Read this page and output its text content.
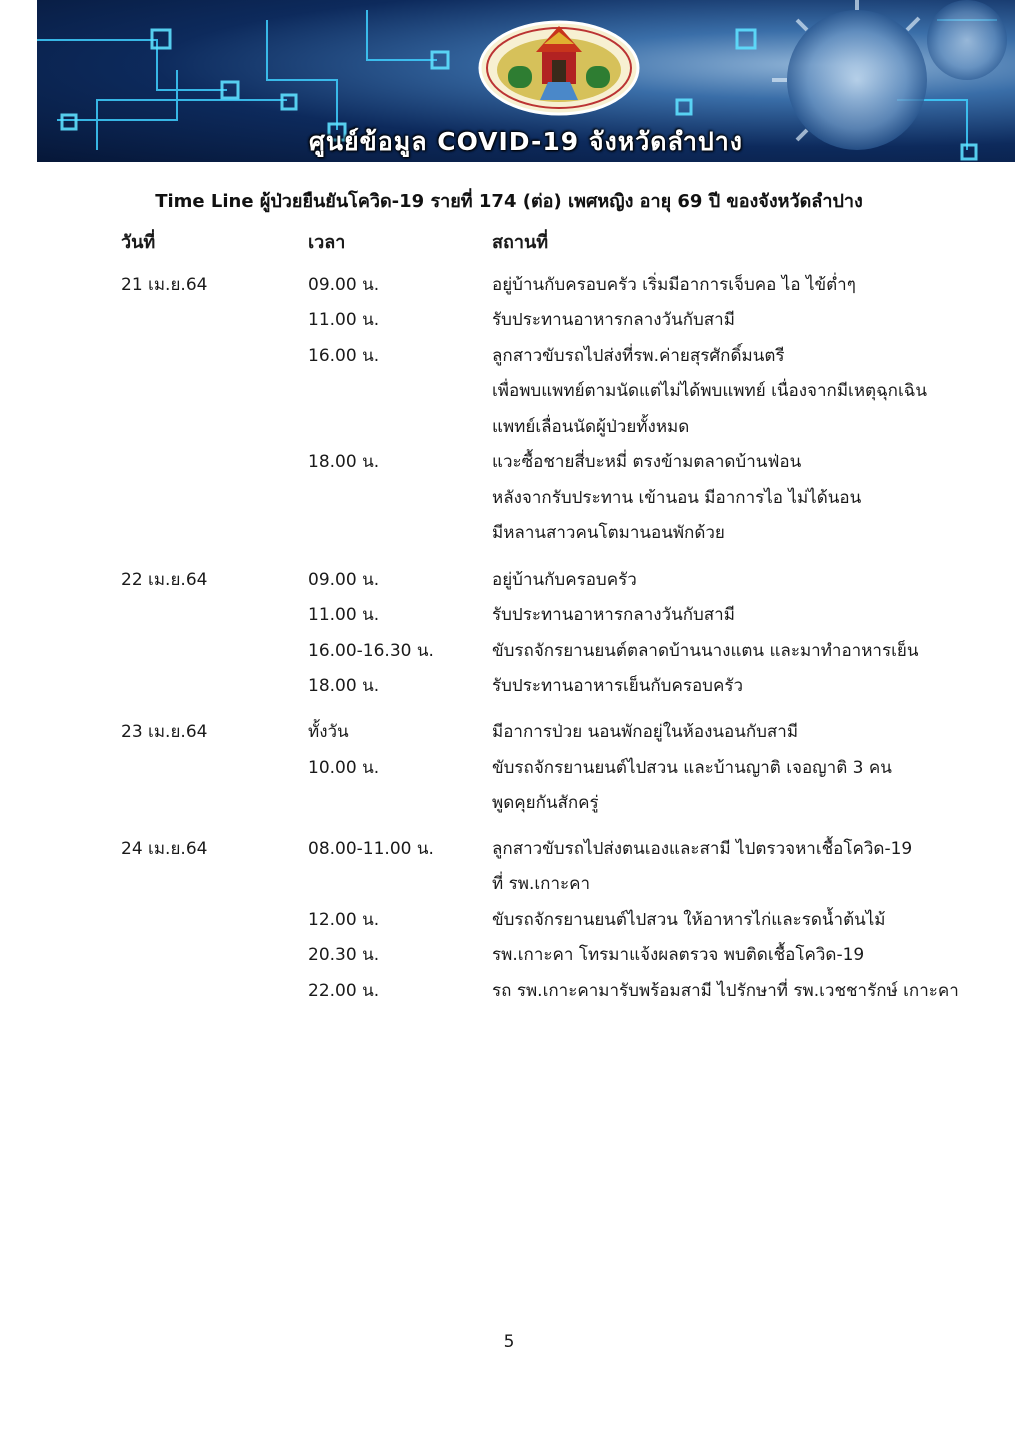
ศูนย์ข้อมูล COVID-19 จังหวัดลำปาง
Time Line ผู้ป่วยยืนยันโควิด-19 รายที่ 174 (ต่อ) เพศหญิง อายุ 69 ปี ของจังหวัดลำปาง
วันที่	เวลา	สถานที่
21 เม.ย.64	09.00 น.	อยู่บ้านกับครอบครัว เริ่มมีอาการเจ็บคอ ไอ ไข้ต่ำๆ
11.00 น.	รับประทานอาหารกลางวันกับสามี
16.00 น.	ลูกสาวขับรถไปส่งที่รพ.ค่ายสุรศักดิ์มนตรี
เพื่อพบแพทย์ตามนัดแต่ไม่ได้พบแพทย์ เนื่องจากมีเหตุฉุกเฉิน
แพทย์เลื่อนนัดผู้ป่วยทั้งหมด
18.00 น.	แวะซื้อชายสี่บะหมี่ ตรงข้ามตลาดบ้านฟ่อน
หลังจากรับประทาน เข้านอน มีอาการไอ ไม่ได้นอน
มีหลานสาวคนโตมานอนพักด้วย
22 เม.ย.64	09.00 น.	อยู่บ้านกับครอบครัว
11.00 น.	รับประทานอาหารกลางวันกับสามี
16.00-16.30 น.	ขับรถจักรยานยนต์ตลาดบ้านนางแตน และมาทำอาหารเย็น
18.00 น.	รับประทานอาหารเย็นกับครอบครัว
23 เม.ย.64	ทั้งวัน	มีอาการป่วย นอนพักอยู่ในห้องนอนกับสามี
10.00 น.	ขับรถจักรยานยนต์ไปสวน และบ้านญาติ เจอญาติ 3 คน
พูดคุยกันสักครู่
24 เม.ย.64	08.00-11.00 น.	ลูกสาวขับรถไปส่งตนเองและสามี ไปตรวจหาเชื้อโควิด-19
ที่ รพ.เกาะคา
12.00 น.	ขับรถจักรยานยนต์ไปสวน ให้อาหารไก่และรดน้ำต้นไม้
20.30 น.	รพ.เกาะคา โทรมาแจ้งผลตรวจ พบติดเชื้อโควิด-19
22.00 น.	รถ รพ.เกาะคามารับพร้อมสามี ไปรักษาที่ รพ.เวชชารักษ์ เกาะคา
5
